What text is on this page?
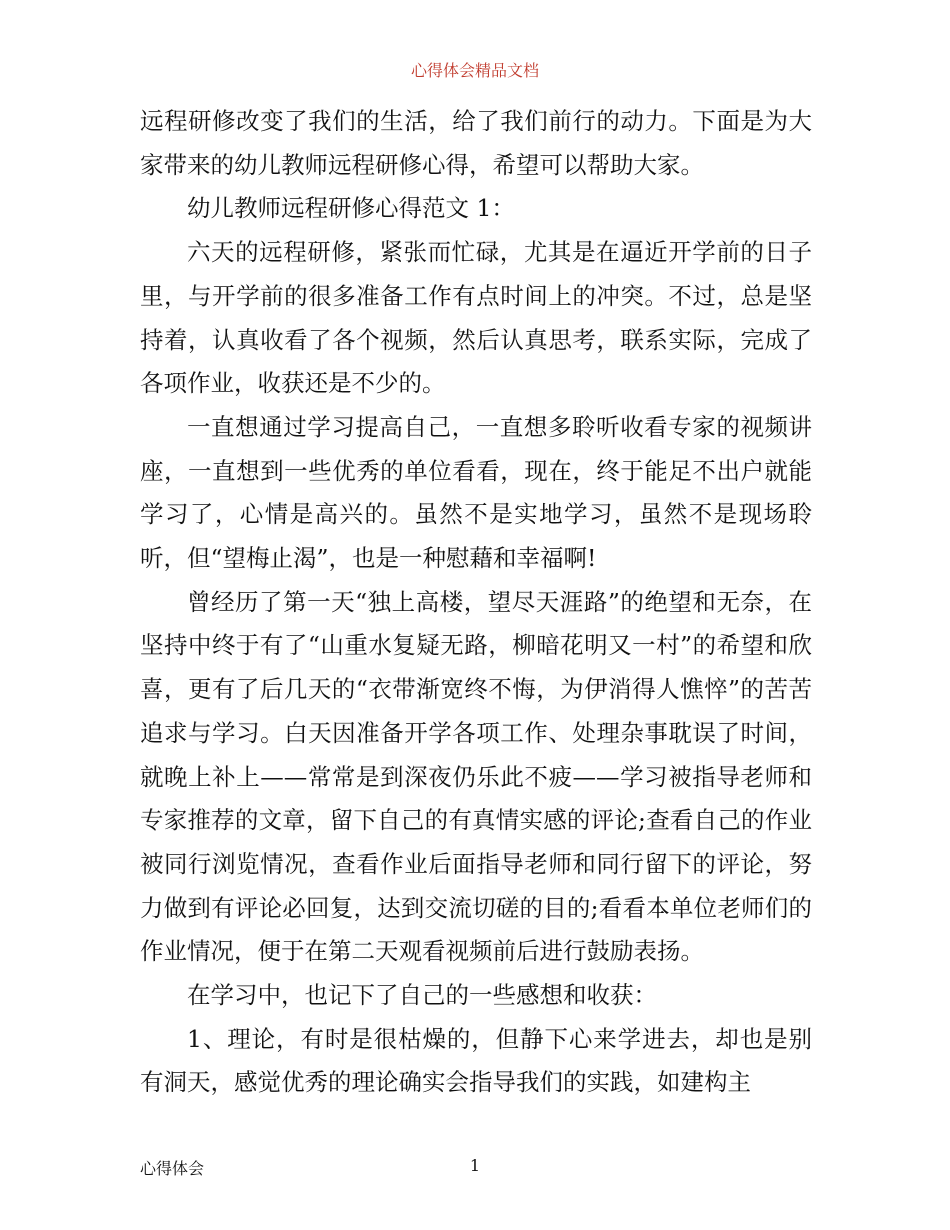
心得体会精品文档

远程研修改变了我们的生活，给了我们前行的动力。下面是为大家带来的幼儿教师远程研修心得，希望可以帮助大家。

幼儿教师远程研修心得范文 1：

六天的远程研修，紧张而忙碌，尤其是在逼近开学前的日子里，与开学前的很多准备工作有点时间上的冲突。不过，总是坚持着，认真收看了各个视频，然后认真思考，联系实际，完成了各项作业，收获还是不少的。

一直想通过学习提高自己，一直想多聆听收看专家的视频讲座，一直想到一些优秀的单位看看，现在，终于能足不出户就能学习了，心情是高兴的。虽然不是实地学习，虽然不是现场聆听，但“望梅止渴”，也是一种慰藉和幸福啊!

曾经历了第一天“独上高楼，望尽天涯路”的绝望和无奈，在坚持中终于有了“山重水复疑无路，柳暗花明又一村”的希望和欣喜，更有了后几天的“衣带渐宽终不悔，为伊消得人憔悴”的苦苦追求与学习。白天因准备开学各项工作、处理杂事耽误了时间，就晚上补上——常常是到深夜仍乐此不疲——学习被指导老师和专家推荐的文章，留下自己的有真情实感的评论;查看自己的作业被同行浏览情况，查看作业后面指导老师和同行留下的评论，努力做到有评论必回复，达到交流切磋的目的;看看本单位老师们的作业情况，便于在第二天观看视频前后进行鼓励表扬。

在学习中，也记下了自己的一些感想和收获：

1、理论，有时是很枯燥的，但静下心来学进去，却也是别有洞天，感觉优秀的理论确实会指导我们的实践，如建构主

心得体会	1
